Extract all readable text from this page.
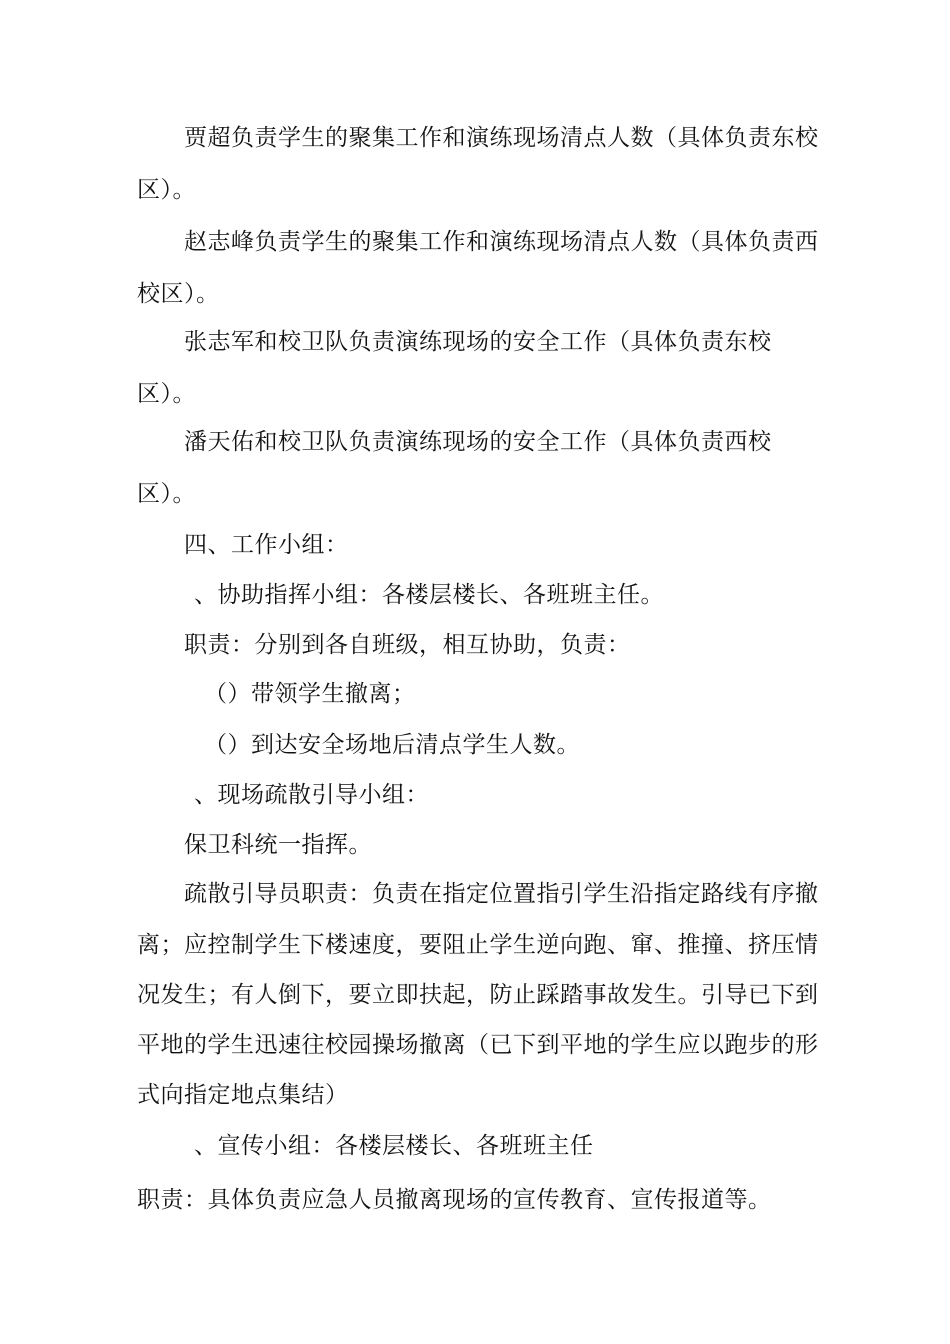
贾超负责学生的聚集工作和演练现场清点人数（具体负责东校
区）。
赵志峰负责学生的聚集工作和演练现场清点人数（具体负责西
校区）。
张志军和校卫队负责演练现场的安全工作（具体负责东校
区）。
潘天佑和校卫队负责演练现场的安全工作（具体负责西校
区）。
四、工作小组：
、协助指挥小组：各楼层楼长、各班班主任。
职责：分别到各自班级，相互协助，负责：
（）带领学生撤离；
（）到达安全场地后清点学生人数。
、现场疏散引导小组：
保卫科统一指挥。
疏散引导员职责：负责在指定位置指引学生沿指定路线有序撤
离；应控制学生下楼速度，要阻止学生逆向跑、窜、推撞、挤压情
况发生；有人倒下，要立即扶起，防止踩踏事故发生。引导已下到
平地的学生迅速往校园操场撤离（已下到平地的学生应以跑步的形
式向指定地点集结）
、宣传小组：各楼层楼长、各班班主任
职责：具体负责应急人员撤离现场的宣传教育、宣传报道等。
